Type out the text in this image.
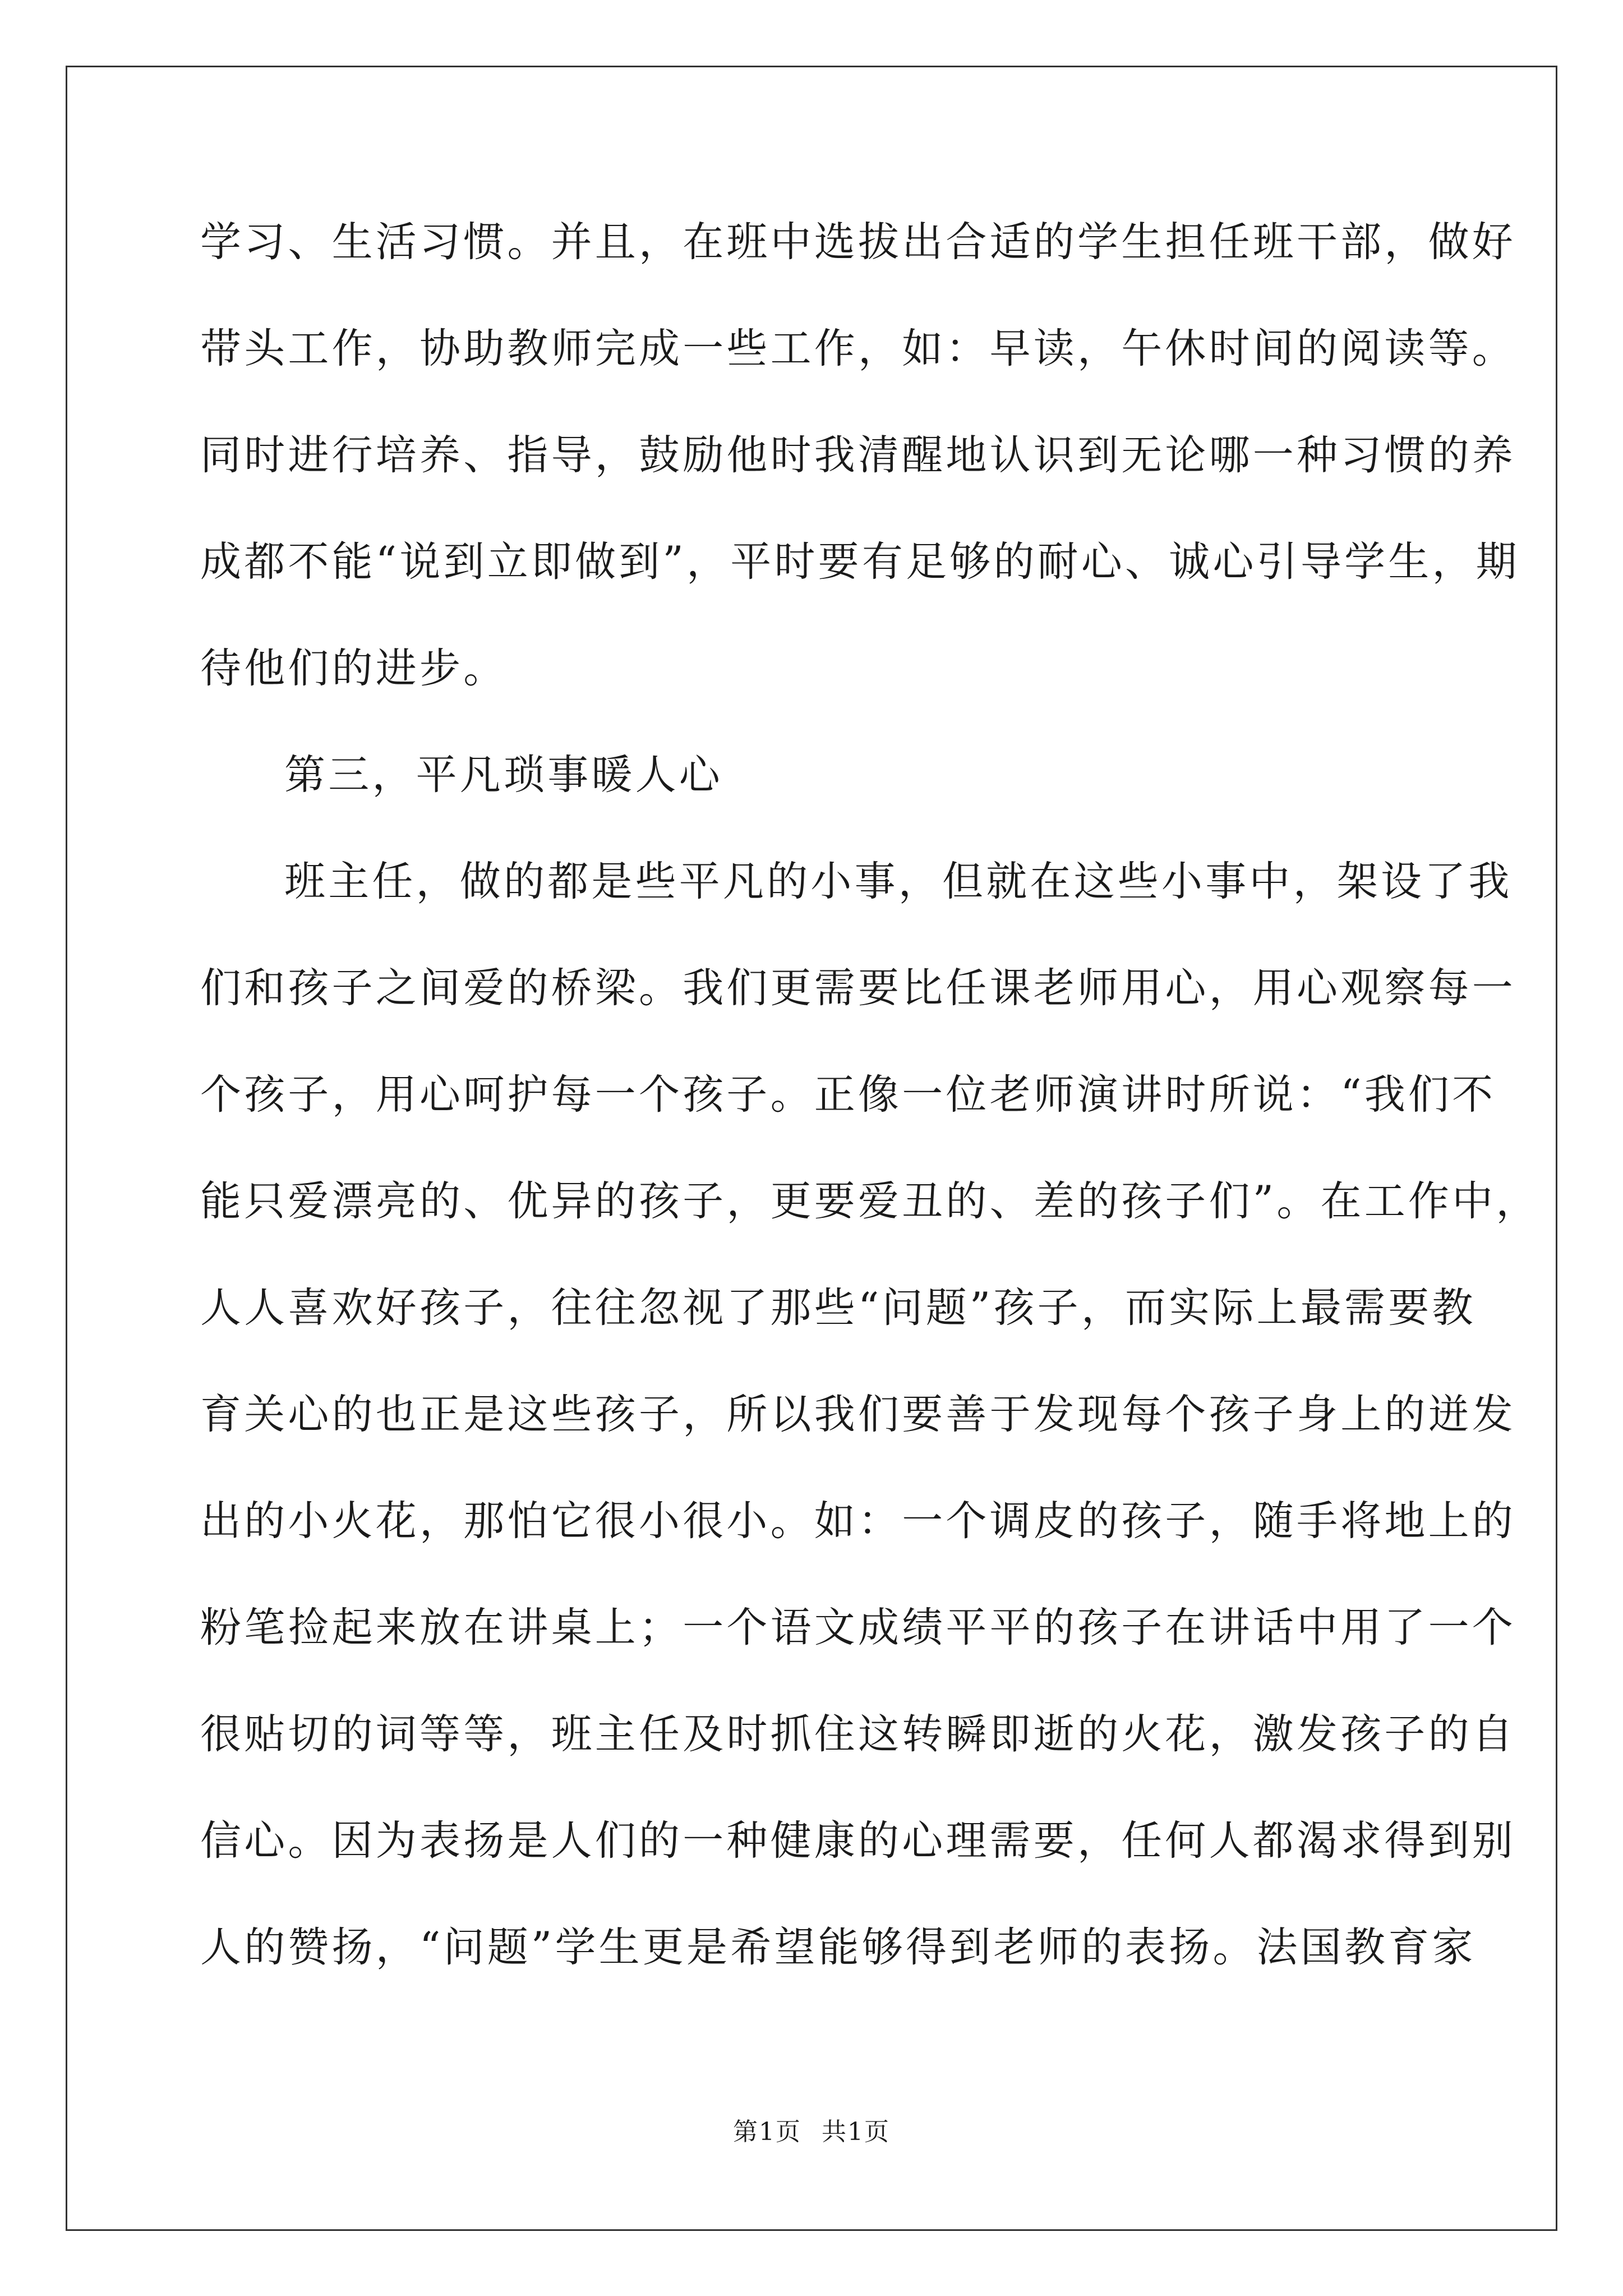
学习、生活习惯。并且，在班中选拔出合适的学生担任班干部，做好
带头工作，协助教师完成一些工作，如：早读，午休时间的阅读等。
同时进行培养、指导，鼓励他时我清醒地认识到无论哪一种习惯的养
成都不能“说到立即做到”，平时要有足够的耐心、诚心引导学生，期
待他们的进步。
第三，平凡琐事暖人心
班主任，做的都是些平凡的小事，但就在这些小事中，架设了我
们和孩子之间爱的桥梁。我们更需要比任课老师用心，用心观察每一
个孩子，用心呵护每一个孩子。正像一位老师演讲时所说：“我们不
能只爱漂亮的、优异的孩子，更要爱丑的、差的孩子们”。在工作中，
人人喜欢好孩子，往往忽视了那些“问题”孩子，而实际上最需要教
育关心的也正是这些孩子，所以我们要善于发现每个孩子身上的迸发
出的小火花，那怕它很小很小。如：一个调皮的孩子，随手将地上的
粉笔捡起来放在讲桌上；一个语文成绩平平的孩子在讲话中用了一个
很贴切的词等等，班主任及时抓住这转瞬即逝的火花，激发孩子的自
信心。因为表扬是人们的一种健康的心理需要，任何人都渴求得到别
人的赞扬，“问题”学生更是希望能够得到老师的表扬。法国教育家
第1页 共1页
